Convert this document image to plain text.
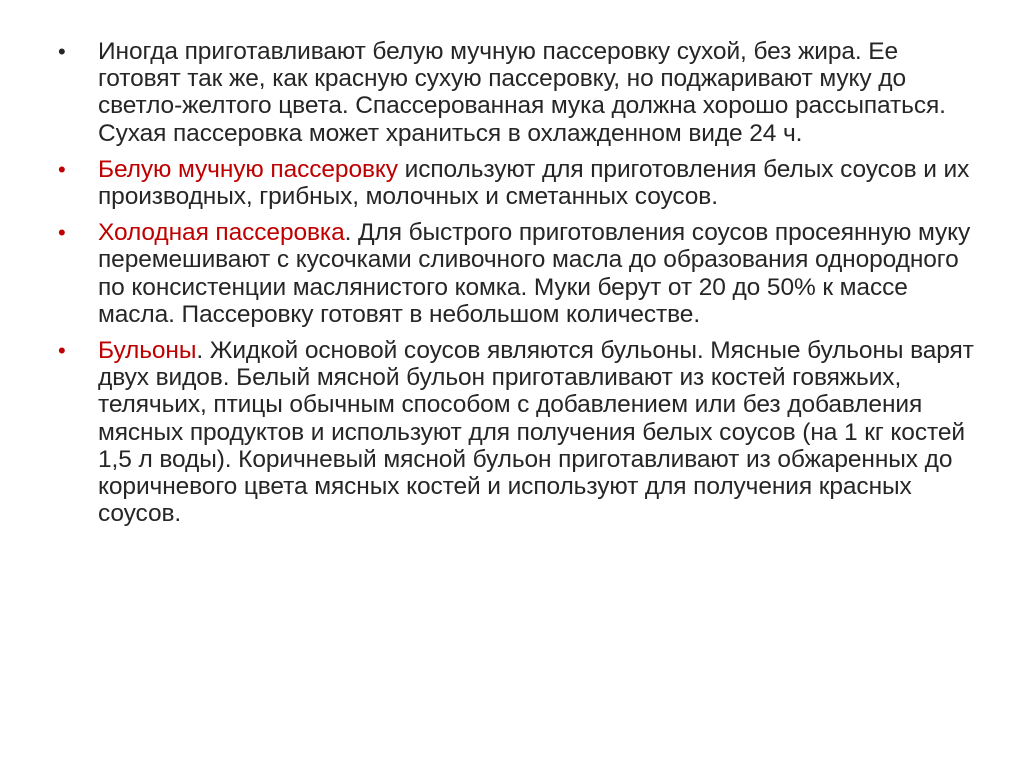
• Иногда приготавливают белую мучную пассеровку сухой, без жира. Ее готовят так же, как красную сухую пассеровку, но поджаривают муку до светло-желтого цвета. Спассерованная мука должна хорошо рассыпаться. Сухая пассеровка может храниться в охлажденном виде 24 ч.
• Белую мучную пассеровку используют для приготовления белых соусов и их производных, грибных, молочных и сметанных соусов.
• Холодная пассеровка. Для быстрого приготовления соусов просеянную муку перемешивают с кусочками сливочного масла до образования однородного по консистенции маслянистого комка. Муки берут от 20 до 50% к массе масла. Пассеровку готовят в небольшом количестве.
• Бульоны. Жидкой основой соусов являются бульоны. Мясные бульоны варят двух видов. Белый мясной бульон приготавливают из костей говяжьих, телячьих, птицы обычным способом с добавлением или без добавления мясных продуктов и используют для получения белых соусов (на 1 кг костей 1,5 л воды). Коричневый мясной бульон приготавливают из обжаренных до коричневого цвета мясных костей и используют для получения красных соусов.
